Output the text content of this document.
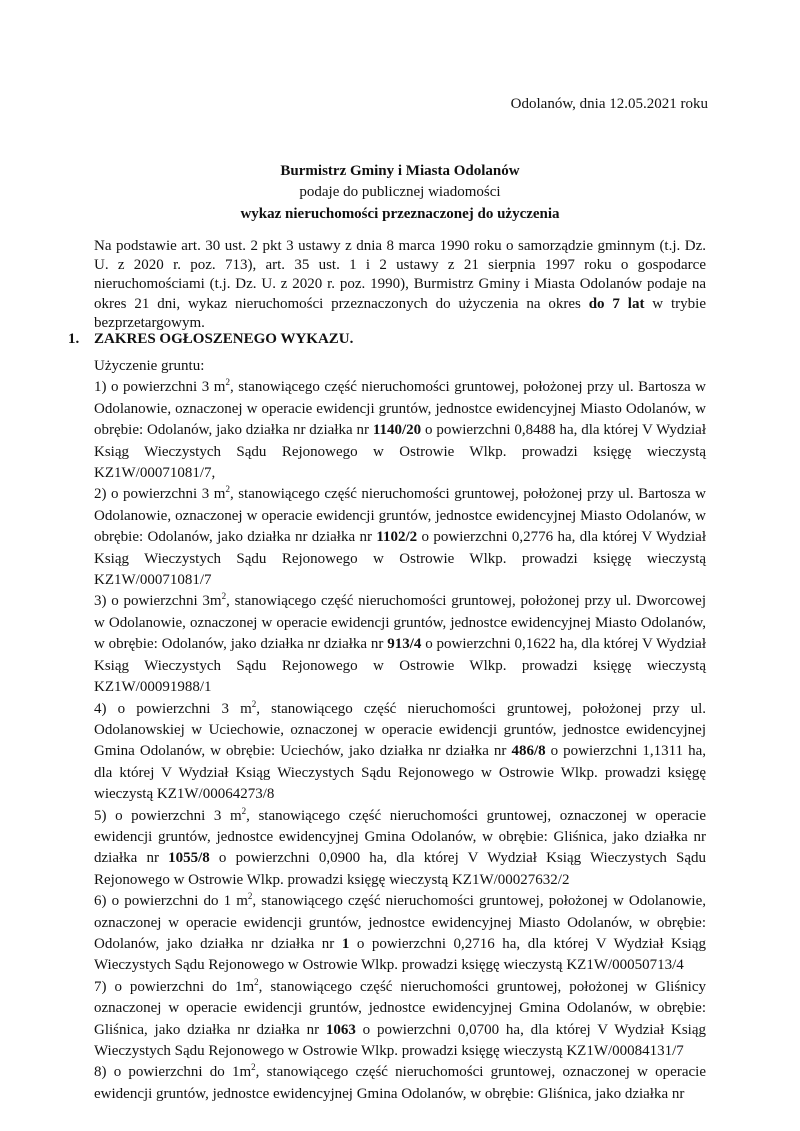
Odolanów, dnia 12.05.2021 roku
Burmistrz Gminy i Miasta Odolanów
podaje do publicznej wiadomości
wykaz nieruchomości przeznaczonej do użyczenia
Na podstawie art. 30 ust. 2 pkt 3 ustawy z dnia 8 marca 1990 roku o samorządzie gminnym (t.j. Dz. U. z 2020 r. poz. 713), art. 35 ust. 1 i 2 ustawy z 21 sierpnia 1997 roku o gospodarce nieruchomościami (t.j. Dz. U. z 2020 r. poz. 1990), Burmistrz Gminy i Miasta Odolanów podaje na okres 21 dni, wykaz nieruchomości przeznaczonych do użyczenia na okres do 7 lat w trybie bezprzetargowym.
1. ZAKRES OGŁOSZENEGO WYKAZU.

Użyczenie gruntu:

1) o powierzchni 3 $m^2$, stanowiącego część nieruchomości gruntowej, położonej przy ul. Bartosza w Odolanowie, oznaczonej w operacie ewidencji gruntów, jednostce ewidencyjnej Miasto Odolanów, w obrębie: Odolanów, jako działka nr działka nr 1140/20 o powierzchni 0,8488 ha, dla której V Wydział Ksiąg Wieczystych Sądu Rejonowego w Ostrowie Wlkp. prowadzi księgę wieczystą KZ1W/00071081/7,

2) o powierzchni 3 $m^2$, stanowiącego część nieruchomości gruntowej, położonej przy ul. Bartosza w Odolanowie, oznaczonej w operacie ewidencji gruntów, jednostce ewidencyjnej Miasto Odolanów, w obrębie: Odolanów, jako działka nr działka nr 1102/2 o powierzchni 0,2776 ha, dla której V Wydział Ksiąg Wieczystych Sądu Rejonowego w Ostrowie Wlkp. prowadzi księgę wieczystą KZ1W/00071081/7

3) o powierzchni $3m^2$, stanowiącego część nieruchomości gruntowej, położonej przy ul. Dworcowej w Odolanowie, oznaczonej w operacie ewidencji gruntów, jednostce ewidencyjnej Miasto Odolanów, w obrębie: Odolanów, jako działka nr działka nr 913/4 o powierzchni 0,1622 ha, dla której V Wydział Ksiąg Wieczystych Sądu Rejonowego w Ostrowie Wlkp. prowadzi księgę wieczystą KZ1W/00091988/1

4) o powierzchni 3 $m^2$, stanowiącego część nieruchomości gruntowej, położonej przy ul. Odolanowskiej w Uciechowie, oznaczonej w operacie ewidencji gruntów, jednostce ewidencyjnej Gmina Odolanów, w obrębie: Uciechów, jako działka nr działka nr 486/8 o powierzchni 1,1311 ha, dla której V Wydział Ksiąg Wieczystych Sądu Rejonowego w Ostrowie Wlkp. prowadzi księgę wieczystą KZ1W/00064273/8

5) o powierzchni 3 $m^2$, stanowiącego część nieruchomości gruntowej, oznaczonej w operacie ewidencji gruntów, jednostce ewidencyjnej Gmina Odolanów, w obrębie: Gliśnica, jako działka nr działka nr 1055/8 o powierzchni 0,0900 ha, dla której V Wydział Ksiąg Wieczystych Sądu Rejonowego w Ostrowie Wlkp. prowadzi księgę wieczystą KZ1W/00027632/2

6) o powierzchni do 1 $m^2$, stanowiącego część nieruchomości gruntowej, położonej w Odolanowie, oznaczonej w operacie ewidencji gruntów, jednostce ewidencyjnej Miasto Odolanów, w obrębie: Odolanów, jako działka nr działka nr 1 o powierzchni 0,2716 ha, dla której V Wydział Ksiąg Wieczystych Sądu Rejonowego w Ostrowie Wlkp. prowadzi księgę wieczystą KZ1W/00050713/4

7) o powierzchni do $1m^2$, stanowiącego część nieruchomości gruntowej, położonej w Gliśnicy oznaczonej w operacie ewidencji gruntów, jednostce ewidencyjnej Gmina Odolanów, w obrębie: Gliśnica, jako działka nr działka nr 1063 o powierzchni 0,0700 ha, dla której V Wydział Ksiąg Wieczystych Sądu Rejonowego w Ostrowie Wlkp. prowadzi księgę wieczystą KZ1W/00084131/7

8) o powierzchni do $1m^2$, stanowiącego część nieruchomości gruntowej, oznaczonej w operacie ewidencji gruntów, jednostce ewidencyjnej Gmina Odolanów, w obrębie: Gliśnica, jako działka nr
